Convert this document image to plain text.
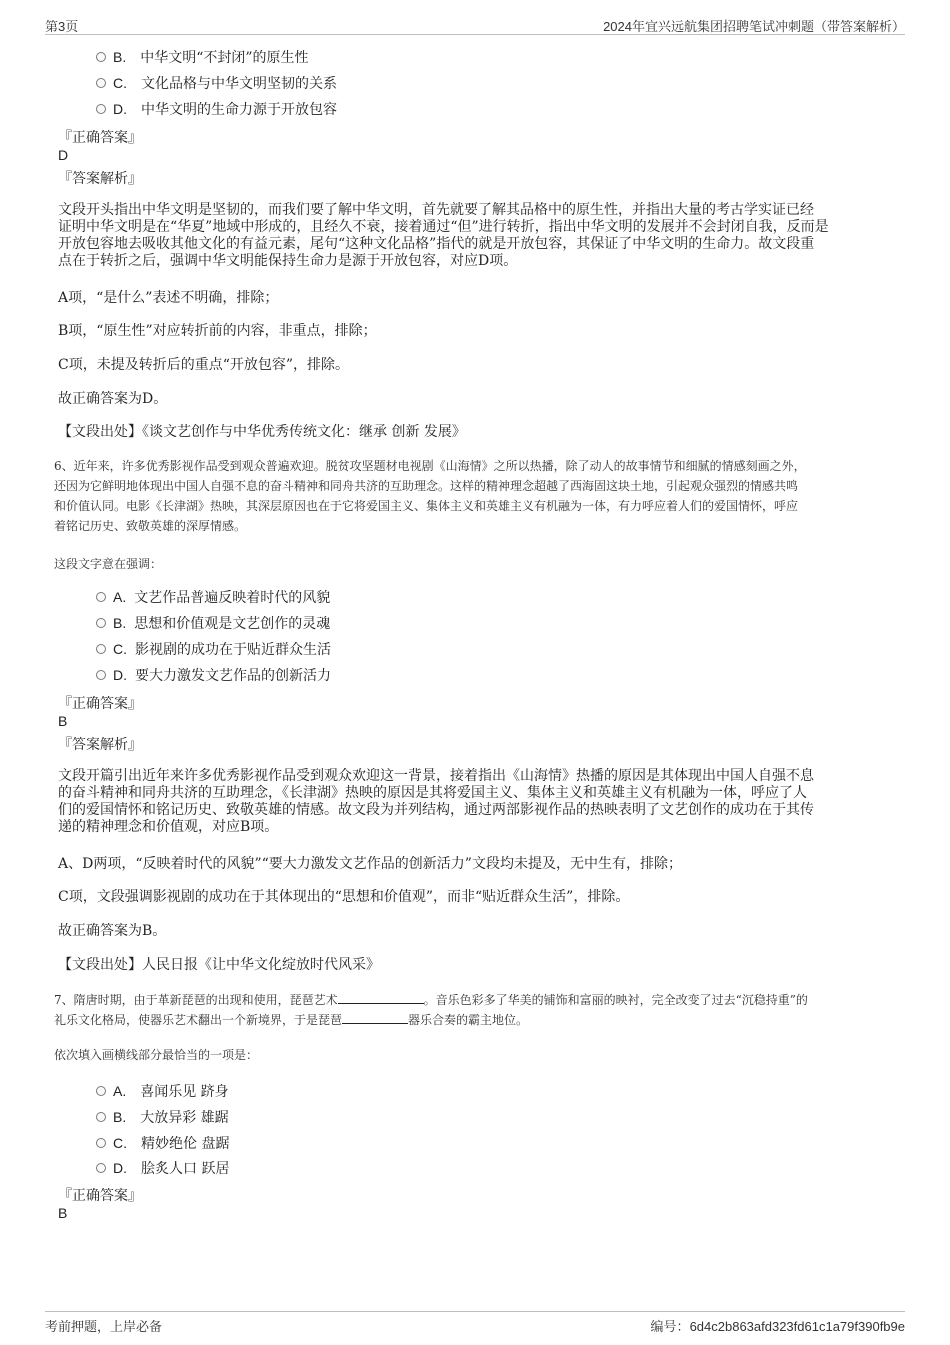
第3页	2024年宜兴远航集团招聘笔试冲刺题（带答案解析）
B . 中华文明“不封闭”的原生性
C . 文化品格与中华文明坚韧的关系
D . 中华文明的生命力源于开放包容
『正确答案』
D
『答案解析』
文段开头指出中华文明是坚韧的，而我们要了解中华文明，首先就要了解其品格中的原生性，并指出大量的考古学实证已经
证明中华文明是在“华夏”地域中形成的，且经久不衰，接着通过“但”进行转折，指出中华文明的发展并不会封闭自我，反而是
开放包容地去吸收其他文化的有益元素，尾句“这种文化品格”指代的就是开放包容，其保证了中华文明的生命力。故文段重
点在于转折之后，强调中华文明能保持生命力是源于开放包容，对应D项。
A项，“是什么”表述不明确，排除；
B项，“原生性”对应转折前的内容，非重点，排除；
C项，未提及转折后的重点“开放包容”，排除。
故正确答案为D。
【文段出处】《谈文艺创作与中华优秀传统文化：继承 创新 发展》
6、近年来，许多优秀影视作品受到观众普遍欢迎。脱贫攻坚题材电视剧《山海情》之所以热播，除了动人的故事情节和细腻的情感刻画之外，
还因为它鲜明地体现出中国人自强不息的奋斗精神和同舟共济的互助理念。这样的精神理念超越了西海固这块土地，引起观众强烈的情感共鸣
和价值认同。电影《长津湖》热映，其深层原因也在于它将爱国主义、集体主义和英雄主义有机融为一体，有力呼应着人们的爱国情怀，呼应
着铭记历史、致敬英雄的深厚情感。
这段文字意在强调：
A . 文艺作品普遍反映着时代的风貌
B . 思想和价值观是文艺创作的灵魂
C . 影视剧的成功在于贴近群众生活
D . 要大力激发文艺作品的创新活力
『正确答案』
B
『答案解析』
文段开篇引出近年来许多优秀影视作品受到观众欢迎这一背景，接着指出《山海情》热播的原因是其体现出中国人自强不息
的奋斗精神和同舟共济的互助理念，《长津湖》热映的原因是其将爱国主义、集体主义和英雄主义有机融为一体，呼应了人
们的爱国情怀和铭记历史、致敬英雄的情感。故文段为并列结构，通过两部影视作品的热映表明了文艺创作的成功在于其传
递的精神理念和价值观，对应B项。
A、D两项，“反映着时代的风貌”“要大力激发文艺作品的创新活力”文段均未提及，无中生有，排除；
C项，文段强调影视剧的成功在于其体现出的“思想和价值观”，而非“贴近群众生活”，排除。
故正确答案为B。
【文段出处】人民日报《让中华文化绽放时代风采》
7、隋唐时期，由于革新琵琶的出现和使用，琵琶艺术	。音乐色彩多了华美的铺饰和富丽的映衬，完全改变了过去“沉稳持重”的
礼乐文化格局，使器乐艺术翻出一个新境界，于是琵琶	器乐合奏的霸主地位。
依次填入画横线部分最恰当的一项是：
A . 喜闻乐见 跻身
B . 大放异彩 雄踞
C . 精妙绝伦 盘踞
D . 脍炙人口 跃居
『正确答案』
B
考前押题，上岸必备	编号：6d4c2b863afd323fd61c1a79f390fb9e
